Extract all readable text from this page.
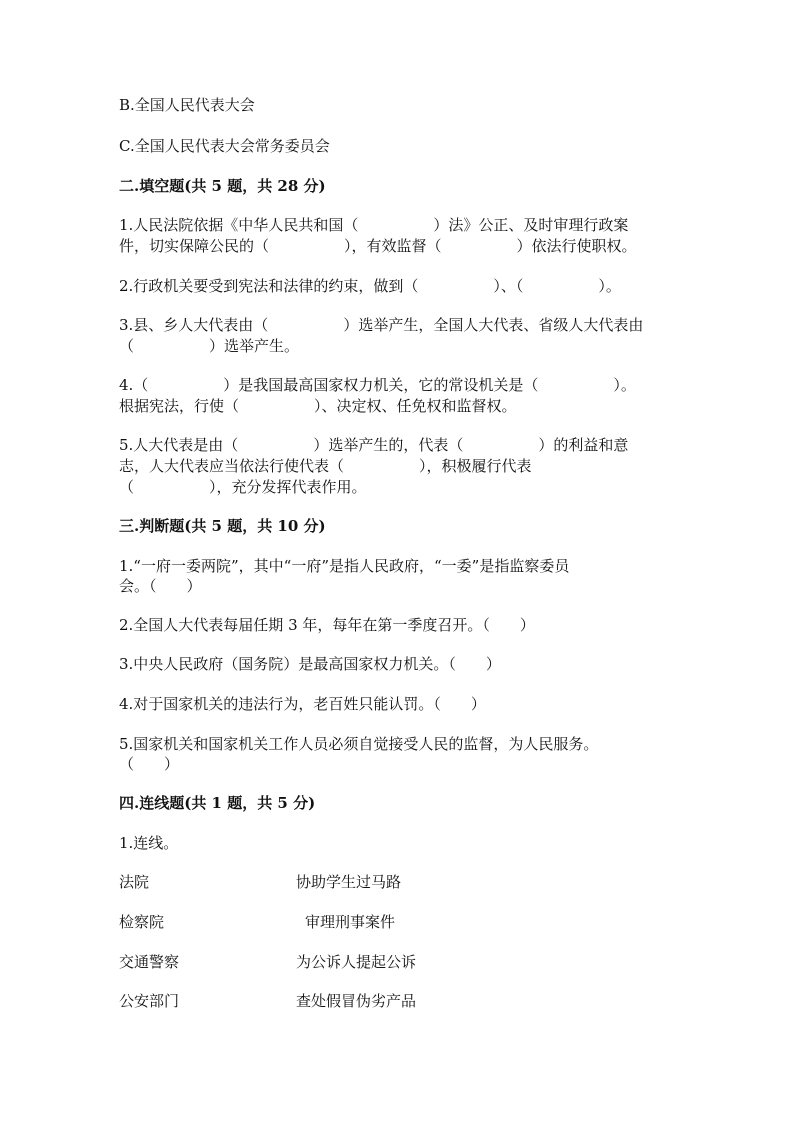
B.全国人民代表大会
C.全国人民代表大会常务委员会
二.填空题(共 5 题，共 28 分)
1.人民法院依据《中华人民共和国（　　　　　）法》公正、及时审理行政案
件，切实保障公民的（　　　　　），有效监督（　　　　　）依法行使职权。
2.行政机关要受到宪法和法律的约束，做到（　　　　　）、（　　　　　）。
3.县、乡人大代表由（　　　　　）选举产生，全国人大代表、省级人大代表由
（　　　　　）选举产生。
4.（　　　　　）是我国最高国家权力机关，它的常设机关是（　　　　　）。
根据宪法，行使（　　　　　）、决定权、任免权和监督权。
5.人大代表是由（　　　　　）选举产生的，代表（　　　　　）的利益和意
志，人大代表应当依法行使代表（　　　　　），积极履行代表
（　　　　　），充分发挥代表作用。
三.判断题(共 5 题，共 10 分)
1.“一府一委两院”，其中“一府”是指人民政府，“一委”是指监察委员
会。（　　）
2.全国人大代表每届任期 3 年，每年在第一季度召开。（　　）
3.中央人民政府（国务院）是最高国家权力机关。（　　）
4.对于国家机关的违法行为，老百姓只能认罚。（　　）
5.国家机关和国家机关工作人员必须自觉接受人民的监督，为人民服务。
（　　）
四.连线题(共 1 题，共 5 分)
1.连线。
法院	协助学生过马路
检察院	审理刑事案件
交通警察	为公诉人提起公诉
公安部门	查处假冒伪劣产品
